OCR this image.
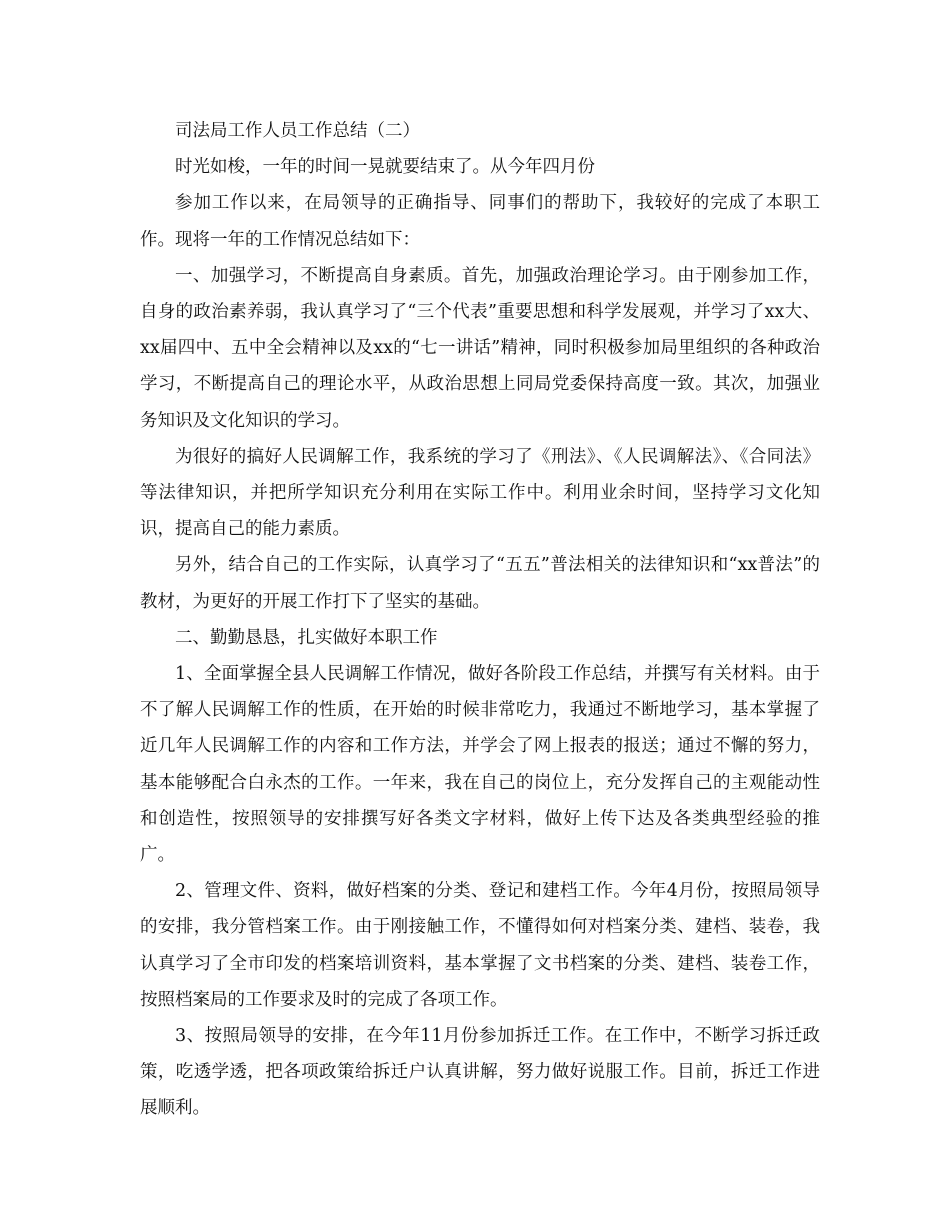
司法局工作人员工作总结（二）

时光如梭，一年的时间一晃就要结束了。从今年四月份

参加工作以来，在局领导的正确指导、同事们的帮助下，我较好的完成了本职工作。现将一年的工作情况总结如下：

一、加强学习，不断提高自身素质。首先，加强政治理论学习。由于刚参加工作，自身的政治素养弱，我认真学习了“三个代表”重要思想和科学发展观，并学习了xx大、xx届四中、五中全会精神以及xx的“七一讲话”精神，同时积极参加局里组织的各种政治学习，不断提高自己的理论水平，从政治思想上同局党委保持高度一致。其次，加强业务知识及文化知识的学习。

为很好的搞好人民调解工作，我系统的学习了《刑法》、《人民调解法》、《合同法》等法律知识，并把所学知识充分利用在实际工作中。利用业余时间，坚持学习文化知识，提高自己的能力素质。

另外，结合自己的工作实际，认真学习了“五五”普法相关的法律知识和“xx普法”的教材，为更好的开展工作打下了坚实的基础。

二、勤勤恳恳，扎实做好本职工作

1、全面掌握全县人民调解工作情况，做好各阶段工作总结，并撰写有关材料。由于不了解人民调解工作的性质，在开始的时候非常吃力，我通过不断地学习，基本掌握了近几年人民调解工作的内容和工作方法，并学会了网上报表的报送；通过不懈的努力，基本能够配合白永杰的工作。一年来，我在自己的岗位上，充分发挥自己的主观能动性和创造性，按照领导的安排撰写好各类文字材料，做好上传下达及各类典型经验的推广。

2、管理文件、资料，做好档案的分类、登记和建档工作。今年4月份，按照局领导的安排，我分管档案工作。由于刚接触工作，不懂得如何对档案分类、建档、装卷，我认真学习了全市印发的档案培训资料，基本掌握了文书档案的分类、建档、装卷工作，按照档案局的工作要求及时的完成了各项工作。

3、按照局领导的安排，在今年11月份参加拆迁工作。在工作中，不断学习拆迁政策，吃透学透，把各项政策给拆迁户认真讲解，努力做好说服工作。目前，拆迁工作进展顺利。
